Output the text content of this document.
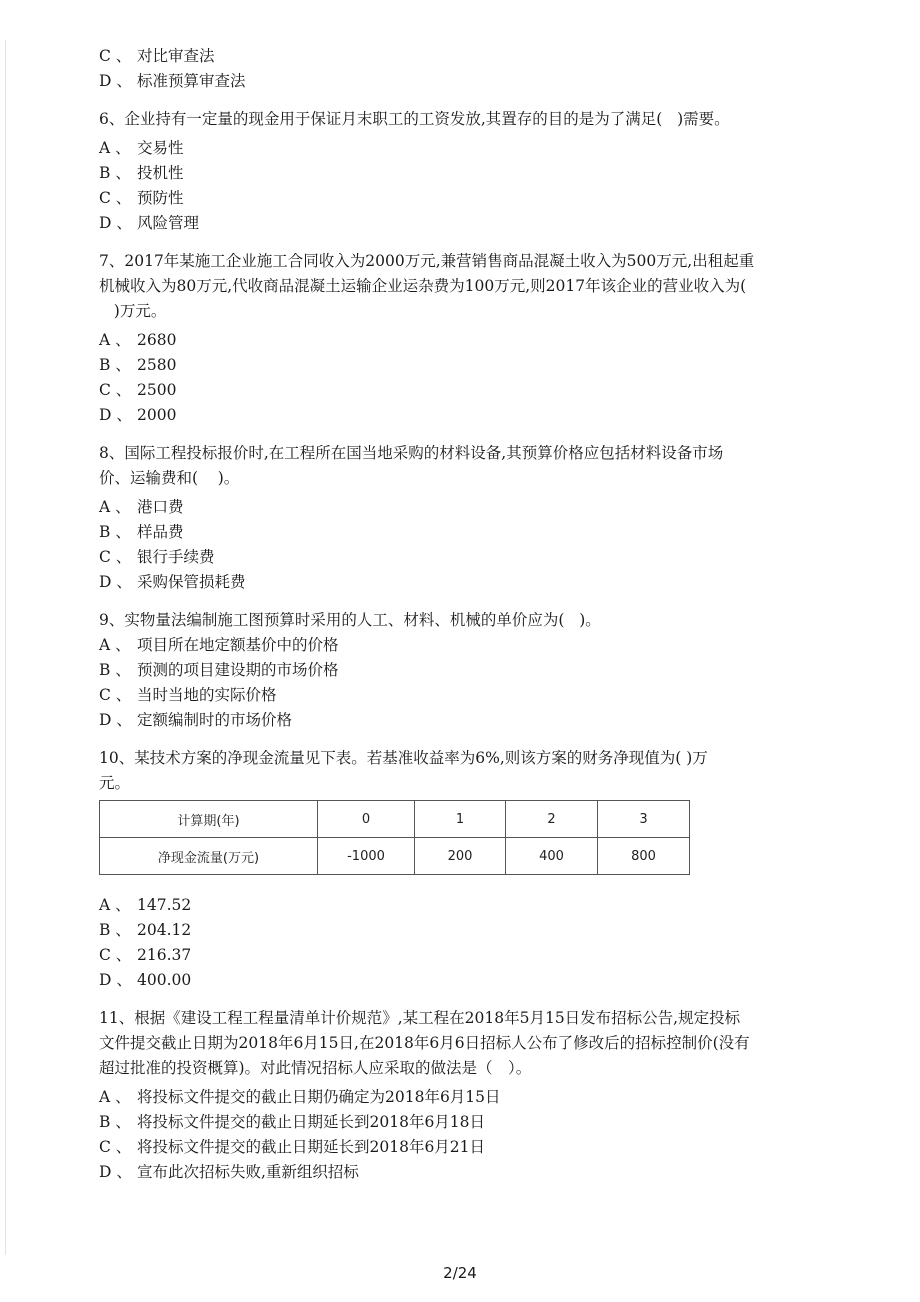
C 、 对比审查法
D 、 标准预算审查法
6、企业持有一定量的现金用于保证月末职工的工资发放,其置存的目的是为了满足(   )需要。
A 、 交易性
B 、 投机性
C 、 预防性
D 、 风险管理
7、2017年某施工企业施工合同收入为2000万元,兼营销售商品混凝土收入为500万元,出租起重
机械收入为80万元,代收商品混凝土运输企业运杂费为100万元,则2017年该企业的营业收入为(
)万元。
A 、 2680
B 、 2580
C 、 2500
D 、 2000
8、国际工程投标报价时,在工程所在国当地采购的材料设备,其预算价格应包括材料设备市场
价、运输费和(    )。
A 、 港口费
B 、 样品费
C 、 银行手续费
D 、 采购保管损耗费
9、实物量法编制施工图预算时采用的人工、材料、机械的单价应为(   )。
A 、 项目所在地定额基价中的价格
B 、 预测的项目建设期的市场价格
C 、 当时当地的实际价格
D 、 定额编制时的市场价格
10、某技术方案的净现金流量见下表。若基准收益率为6%,则该方案的财务净现值为( )万
元。
计算期(年)	0	1	2	3
净现金流量(万元)	-1000	200	400	800
A 、 147.52
B 、 204.12
C 、 216.37
D 、 400.00
11、根据《建设工程工程量清单计价规范》,某工程在2018年5月15日发布招标公告,规定投标
文件提交截止日期为2018年6月15日,在2018年6月6日招标人公布了修改后的招标控制价(没有
超过批准的投资概算)。对此情况招标人应采取的做法是（　）。
A 、 将投标文件提交的截止日期仍确定为2018年6月15日
B 、 将投标文件提交的截止日期延长到2018年6月18日
C 、 将投标文件提交的截止日期延长到2018年6月21日
D 、 宣布此次招标失败,重新组织招标
2/24
